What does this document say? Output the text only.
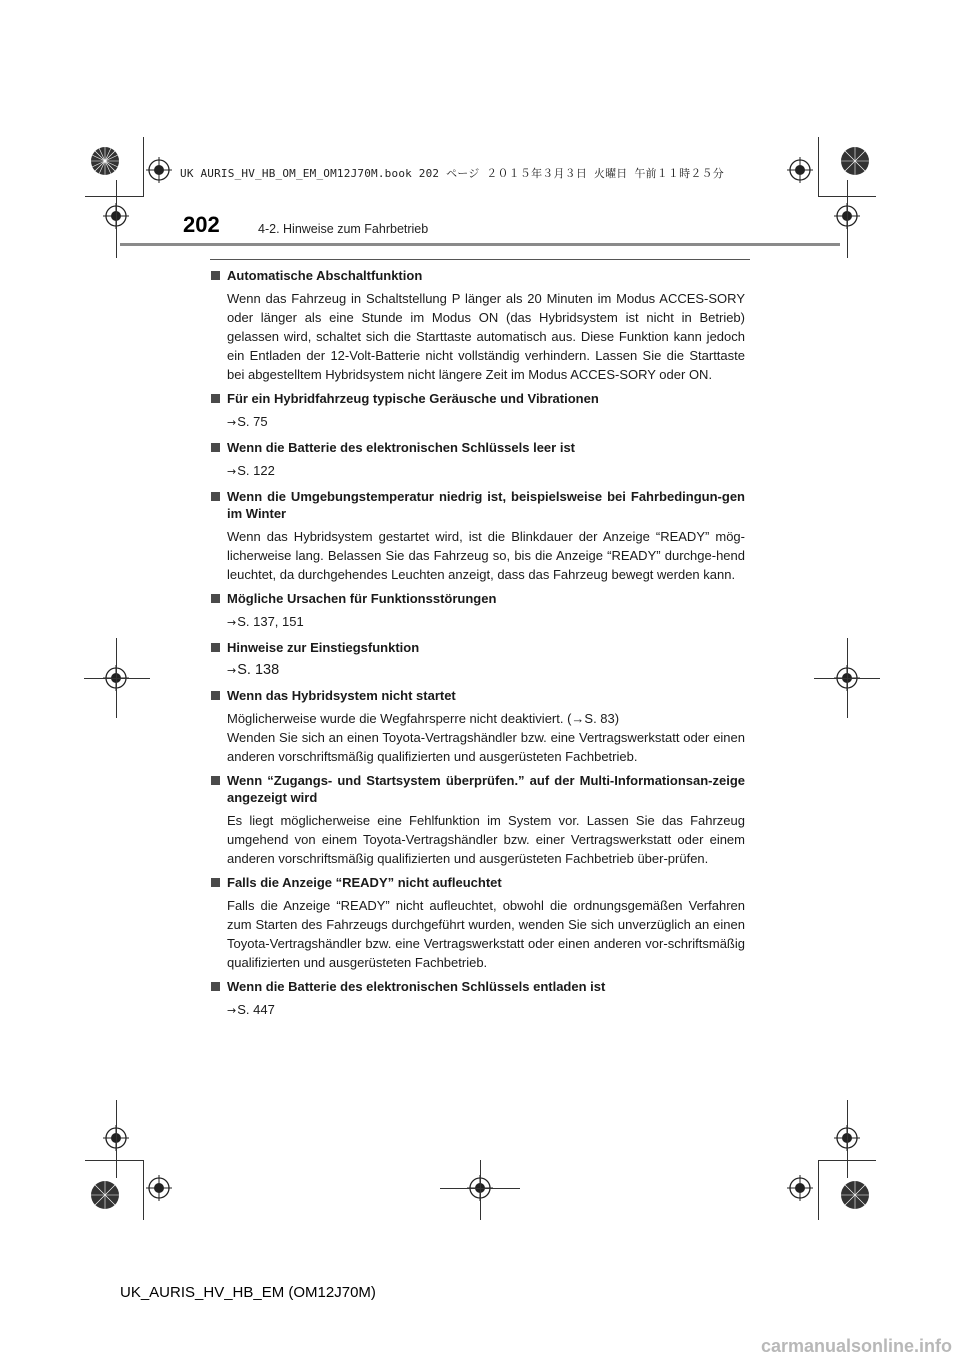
UK AURIS_HV_HB_OM_EM_OM12J70M.book 202 ページ ２０１５年３月３日 火曜日 午前１１時２５分
202	4-2. Hinweise zum Fahrbetrieb
Automatische Abschaltfunktion

Wenn das Fahrzeug in Schaltstellung P länger als 20 Minuten im Modus ACCES-SORY oder länger als eine Stunde im Modus ON (das Hybridsystem ist nicht in Betrieb) gelassen wird, schaltet sich die Starttaste automatisch aus. Diese Funktion kann jedoch ein Entladen der 12-Volt-Batterie nicht vollständig verhindern. Lassen Sie die Starttaste bei abgestelltem Hybridsystem nicht längere Zeit im Modus ACCES-SORY oder ON.

Für ein Hybridfahrzeug typische Geräusche und Vibrationen
→S. 75
Wenn die Batterie des elektronischen Schlüssels leer ist
→S. 122
Wenn die Umgebungstemperatur niedrig ist, beispielsweise bei Fahrbedingun-gen im Winter

Wenn das Hybridsystem gestartet wird, ist die Blinkdauer der Anzeige “READY” mög-licherweise lang. Belassen Sie das Fahrzeug so, bis die Anzeige “READY” durchge-hend leuchtet, da durchgehendes Leuchten anzeigt, dass das Fahrzeug bewegt werden kann.

Mögliche Ursachen für Funktionsstörungen
→S. 137, 151
Hinweise zur Einstiegsfunktion
→S. 138
Wenn das Hybridsystem nicht startet

Möglicherweise wurde die Wegfahrsperre nicht deaktiviert. (→S. 83)

Wenden Sie sich an einen Toyota-Vertragshändler bzw. eine Vertragswerkstatt oder einen anderen vorschriftsmäßig qualifizierten und ausgerüsteten Fachbetrieb.

Wenn “Zugangs- und Startsystem überprüfen.” auf der Multi-Informationsan-zeige angezeigt wird

Es liegt möglicherweise eine Fehlfunktion im System vor. Lassen Sie das Fahrzeug umgehend von einem Toyota-Vertragshändler bzw. einer Vertragswerkstatt oder einem anderen vorschriftsmäßig qualifizierten und ausgerüsteten Fachbetrieb über-prüfen.

Falls die Anzeige “READY” nicht aufleuchtet

Falls die Anzeige “READY” nicht aufleuchtet, obwohl die ordnungsgemäßen Verfahren zum Starten des Fahrzeugs durchgeführt wurden, wenden Sie sich unverzüglich an einen Toyota-Vertragshändler bzw. eine Vertragswerkstatt oder einen anderen vor-schriftsmäßig qualifizierten und ausgerüsteten Fachbetrieb.

Wenn die Batterie des elektronischen Schlüssels entladen ist
→S. 447
UK_AURIS_HV_HB_EM (OM12J70M)
carmanualsonline.info
